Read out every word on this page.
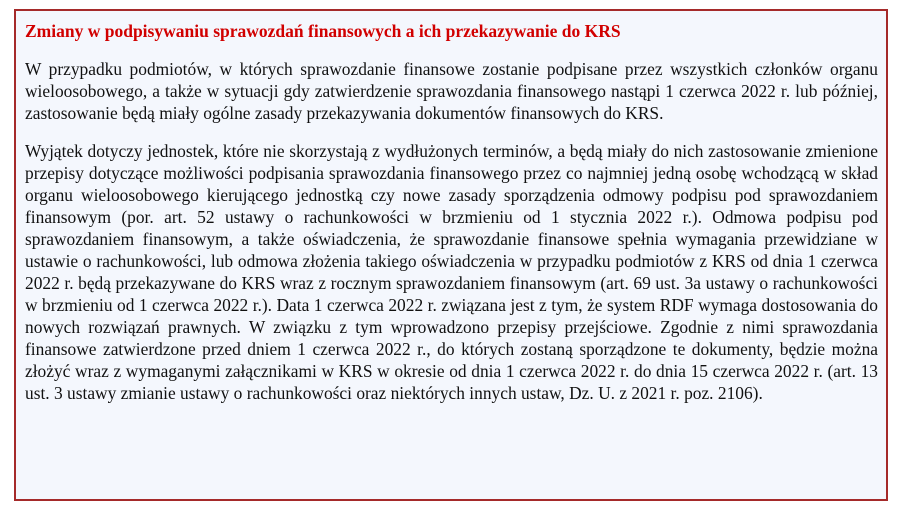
Zmiany w podpisywaniu sprawozdań finansowych a ich przekazywanie do KRS

W przypadku podmiotów, w których sprawozdanie finansowe zostanie podpisane przez wszystkich członków organu wieloosobowego, a także w sytuacji gdy zatwierdzenie sprawozdania finansowego nastąpi 1 czerwca 2022 r. lub później, zastosowanie będą miały ogólne zasady przekazywania dokumentów finansowych do KRS.

Wyjątek dotyczy jednostek, które nie skorzystają z wydłużonych terminów, a będą miały do nich zastosowanie zmienione przepisy dotyczące możliwości podpisania sprawozdania finansowego przez co najmniej jedną osobę wchodzącą w skład organu wieloosobowego kierującego jednostką czy nowe zasady sporządzenia odmowy podpisu pod sprawozdaniem finansowym (por. art. 52 ustawy o rachunkowości w brzmieniu od 1 stycznia 2022 r.). Odmowa podpisu pod sprawozdaniem finansowym, a także oświadczenia, że sprawozdanie finansowe spełnia wymagania przewidziane w ustawie o rachunkowości, lub odmowa złożenia takiego oświadczenia w przypadku podmiotów z KRS od dnia 1 czerwca 2022 r. będą przekazywane do KRS wraz z rocznym sprawozdaniem finansowym (art. 69 ust. 3a ustawy o rachunkowości w brzmieniu od 1 czerwca 2022 r.). Data 1 czerwca 2022 r. związana jest z tym, że system RDF wymaga dostosowania do nowych rozwiązań prawnych. W związku z tym wprowadzono przepisy przejściowe. Zgodnie z nimi sprawozdania finansowe zatwierdzone przed dniem 1 czerwca 2022 r., do których zostaną sporządzone te dokumenty, będzie można złożyć wraz z wymaganymi załącznikami w KRS w okresie od dnia 1 czerwca 2022 r. do dnia 15 czerwca 2022 r. (art. 13 ust. 3 ustawy zmianie ustawy o rachunkowości oraz niektórych innych ustaw, Dz. U. z 2021 r. poz. 2106).
